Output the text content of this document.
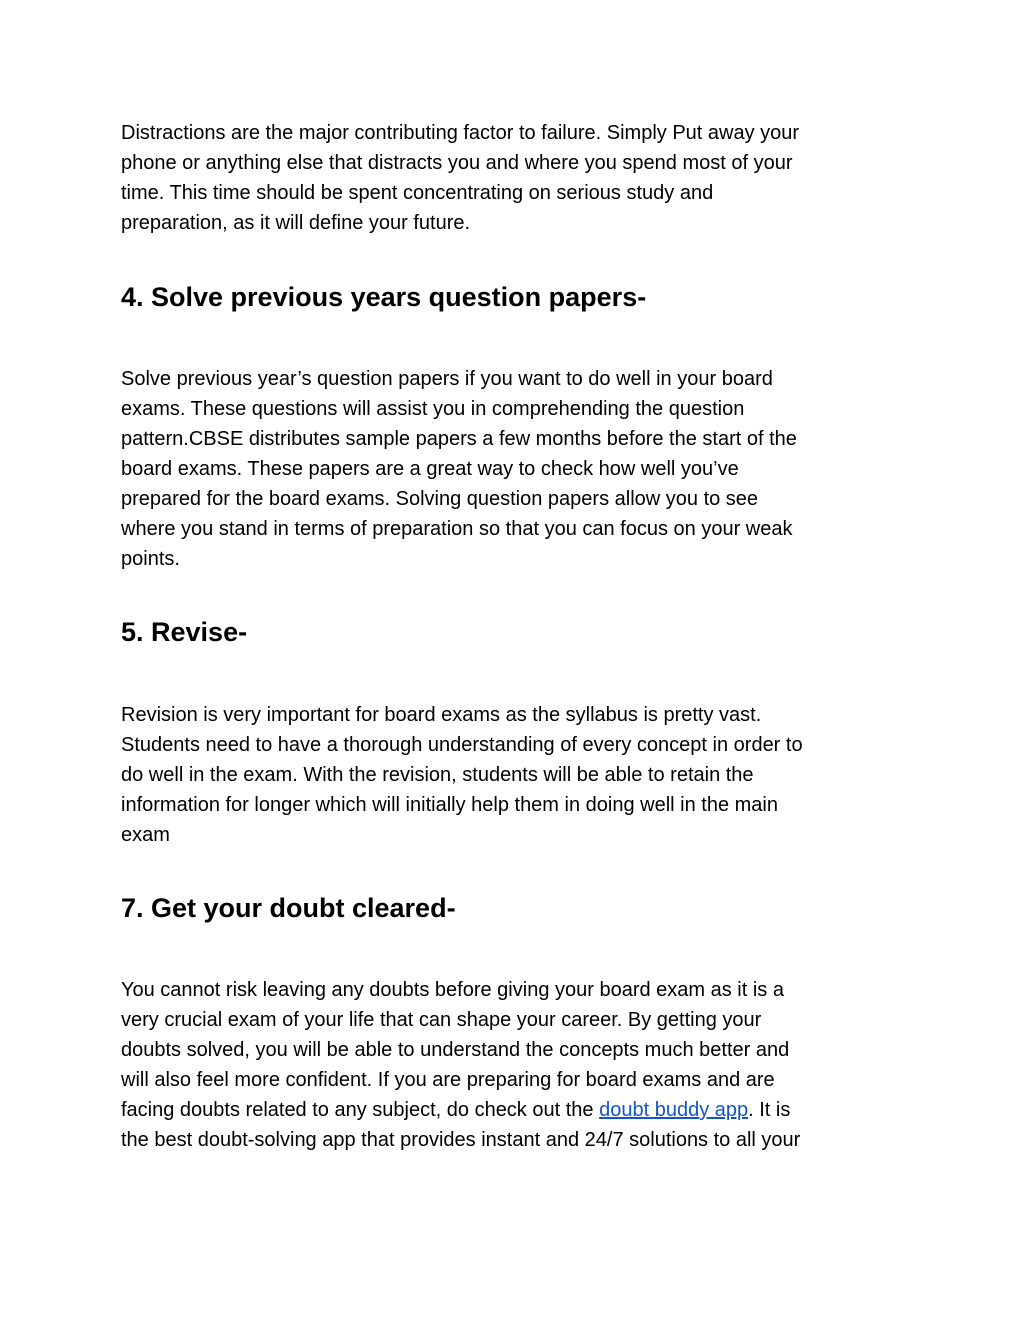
Distractions are the major contributing factor to failure. Simply Put away your
phone or anything else that distracts you and where you spend most of your
time. This time should be spent concentrating on serious study and
preparation, as it will define your future.

4. Solve previous years question papers-

Solve previous year’s question papers if you want to do well in your board
exams. These questions will assist you in comprehending the question
pattern.CBSE distributes sample papers a few months before the start of the
board exams. These papers are a great way to check how well you’ve
prepared for the board exams. Solving question papers allow you to see
where you stand in terms of preparation so that you can focus on your weak
points.

5. Revise-

Revision is very important for board exams as the syllabus is pretty vast.
Students need to have a thorough understanding of every concept in order to
do well in the exam. With the revision, students will be able to retain the
information for longer which will initially help them in doing well in the main
exam

7. Get your doubt cleared-

You cannot risk leaving any doubts before giving your board exam as it is a
very crucial exam of your life that can shape your career. By getting your
doubts solved, you will be able to understand the concepts much better and
will also feel more confident. If you are preparing for board exams and are
facing doubts related to any subject, do check out the doubt buddy app. It is
the best doubt-solving app that provides instant and 24/7 solutions to all your
